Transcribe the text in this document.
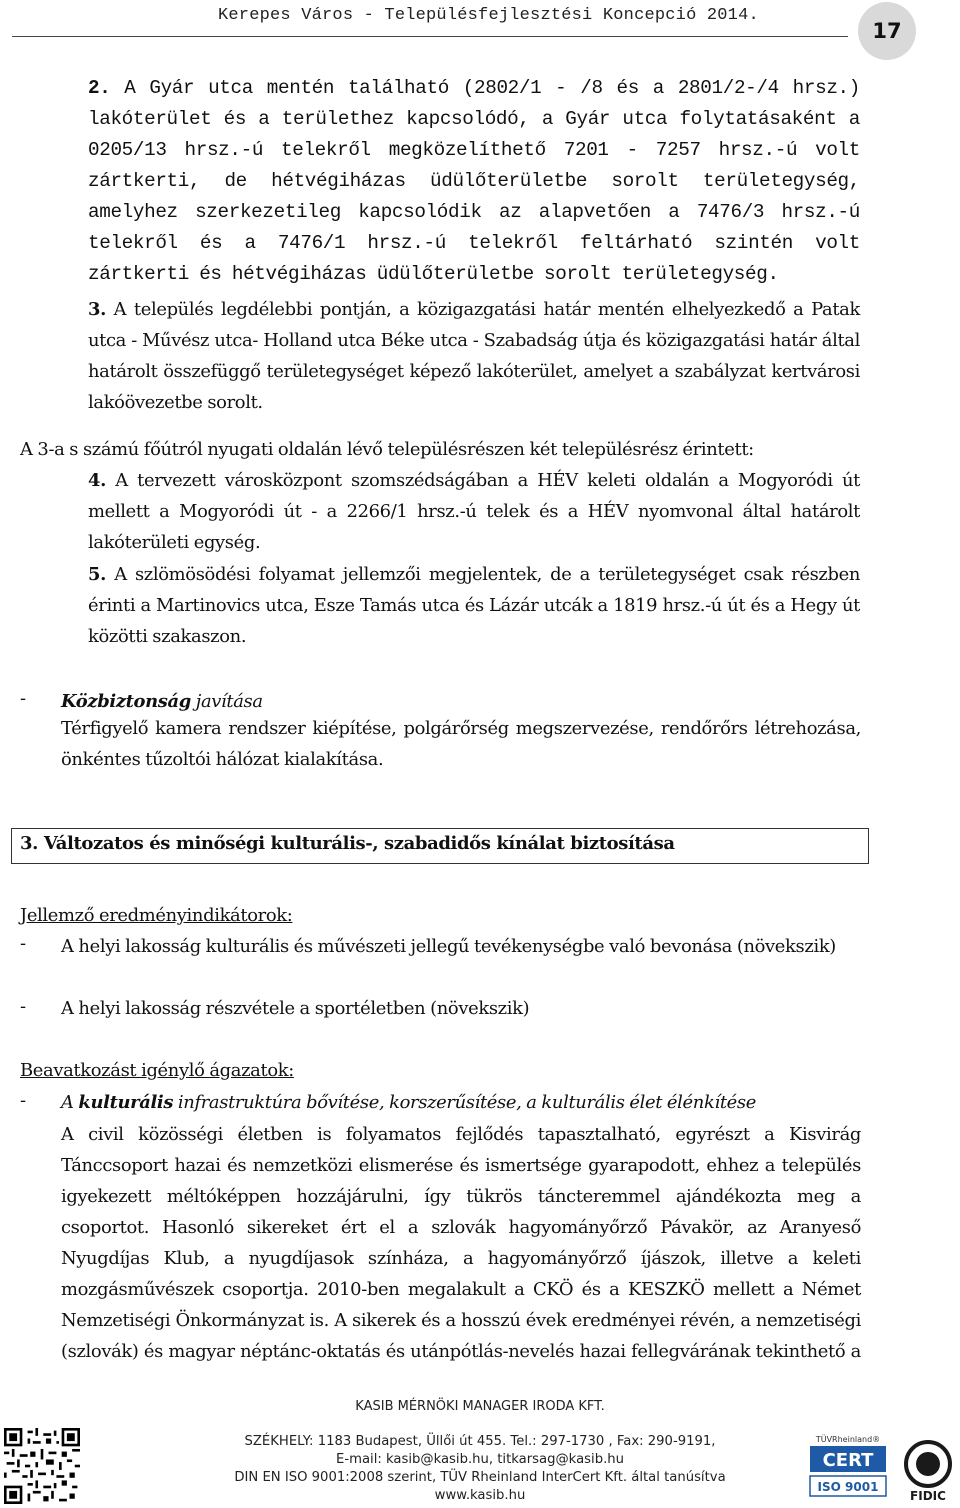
Kerepes Város - Településfejlesztési Koncepció 2014.
17

2. A Gyár utca mentén található (2802/1 - /8 és a 2801/2-/4 hrsz.) lakóterület és a területhez kapcsolódó, a Gyár utca folytatásaként a 0205/13 hrsz.-ú telekről megközelíthető 7201 - 7257 hrsz.-ú volt zártkerti, de hétvégiházas üdülőterületbe sorolt területegység, amelyhez szerkezetileg kapcsolódik az alapvetően a 7476/3 hrsz.-ú telekről és a 7476/1 hrsz.-ú telekről feltárható szintén volt zártkerti és hétvégiházas üdülőterületbe sorolt területegység.

3. A település legdélebbi pontján, a közigazgatási határ mentén elhelyezkedő a Patak utca - Művész utca- Holland utca Béke utca - Szabadság útja és közigazgatási határ által határolt összefüggő területegységet képező lakóterület, amelyet a szabályzat kertvárosi lakóövezetbe sorolt.

A 3-a s számú főútról nyugati oldalán lévő településrészen két településrész érintett:

4. A tervezett városközpont szomszédságában a HÉV keleti oldalán a Mogyoródi út mellett a Mogyoródi út - a 2266/1 hrsz.-ú telek és a HÉV nyomvonal által határolt lakóterületi egység.

5. A szlömösödési folyamat jellemzői megjelentek, de a területegységet csak részben érinti a Martinovics utca, Esze Tamás utca és Lázár utcák a 1819 hrsz.-ú út és a Hegy út közötti szakaszon.

- Közbiztonság javítása

Térfigyelő kamera rendszer kiépítése, polgárőrség megszervezése, rendőrőrs létrehozása, önkéntes tűzoltói hálózat kialakítása.

3. Változatos és minőségi kulturális-, szabadidős kínálat biztosítása

Jellemző eredményindikátorok:

- A helyi lakosság kulturális és művészeti jellegű tevékenységbe való bevonása (növekszik)

- A helyi lakosság részvétele a sportéletben (növekszik)

Beavatkozást igénylő ágazatok:

- A kulturális infrastruktúra bővítése, korszerűsítése, a kulturális élet élénkítése

A civil közösségi életben is folyamatos fejlődés tapasztalható, egyrészt a Kisvirág Tánccsoport hazai és nemzetközi elismerése és ismertsége gyarapodott, ehhez a település igyekezett méltóképpen hozzájárulni, így tükrös táncteremmel ajándékozta meg a csoportot. Hasonló sikereket ért el a szlovák hagyományőrző Pávakör, az Aranyeső Nyugdíjas Klub, a nyugdíjasok színháza, a hagyományőrző íjászok, illetve a keleti mozgásművészek csoportja. 2010-ben megalakult a CKÖ és a KESZKÖ mellett a Német Nemzetiségi Önkormányzat is. A sikerek és a hosszú évek eredményei révén, a nemzetiségi (szlovák) és magyar néptánc-oktatás és utánpótlás-nevelés hazai fellegvárának tekinthető a

KASIB MÉRNÖKI MANAGER IRODA KFT.
SZÉKHELY: 1183 Budapest, Üllői út 455. Tel.: 297-1730 , Fax: 290-9191,
E-mail: kasib@kasib.hu, titkarsag@kasib.hu
DIN EN ISO 9001:2008 szerint, TÜV Rheinland InterCert Kft. által tanúsítva
www.kasib.hu
TÜVRheinland®
CERT
ISO 9001
FIDIC
